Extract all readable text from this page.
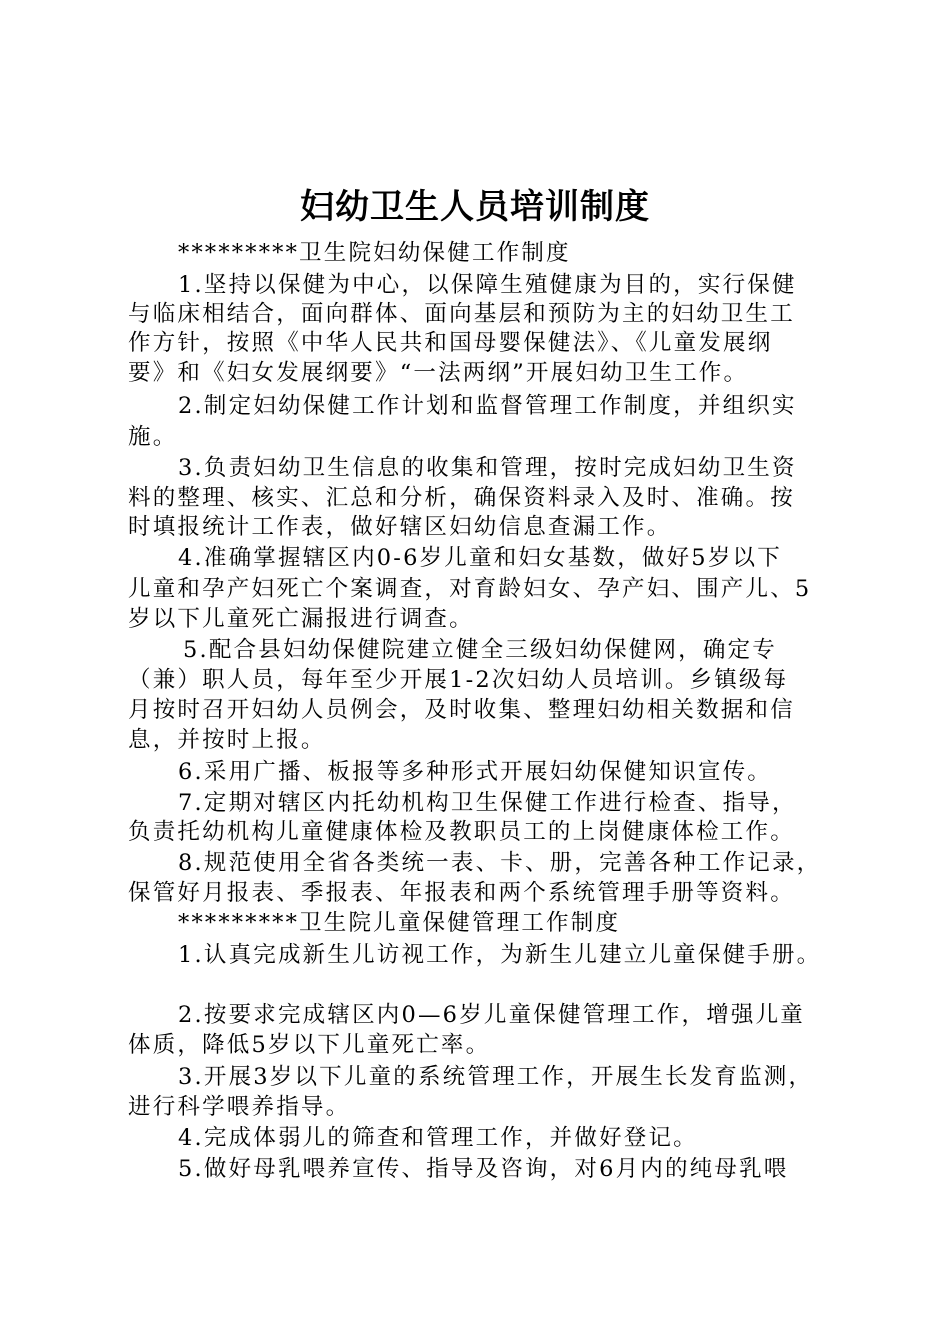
妇幼卫生人员培训制度

*********卫生院妇幼保健工作制度

1.坚持以保健为中心，以保障生殖健康为目的，实行保健

与临床相结合，面向群体、面向基层和预防为主的妇幼卫生工

作方针，按照《中华人民共和国母婴保健法》、《儿童发展纲

要》和《妇女发展纲要》“一法两纲”开展妇幼卫生工作。

2.制定妇幼保健工作计划和监督管理工作制度，并组织实

施。

3.负责妇幼卫生信息的收集和管理，按时完成妇幼卫生资

料的整理、核实、汇总和分析，确保资料录入及时、准确。按

时填报统计工作表，做好辖区妇幼信息查漏工作。

4.准确掌握辖区内0-6岁儿童和妇女基数，做好5岁以下

儿童和孕产妇死亡个案调查，对育龄妇女、孕产妇、围产儿、5

岁以下儿童死亡漏报进行调查。

5.配合县妇幼保健院建立健全三级妇幼保健网，确定专

（兼）职人员，每年至少开展1-2次妇幼人员培训。乡镇级每

月按时召开妇幼人员例会，及时收集、整理妇幼相关数据和信

息，并按时上报。

6.采用广播、板报等多种形式开展妇幼保健知识宣传。

7.定期对辖区内托幼机构卫生保健工作进行检查、指导，

负责托幼机构儿童健康体检及教职员工的上岗健康体检工作。

8.规范使用全省各类统一表、卡、册，完善各种工作记录，

保管好月报表、季报表、年报表和两个系统管理手册等资料。

*********卫生院儿童保健管理工作制度

1.认真完成新生儿访视工作，为新生儿建立儿童保健手册。

2.按要求完成辖区内0—6岁儿童保健管理工作，增强儿童

体质，降低5岁以下儿童死亡率。

3.开展3岁以下儿童的系统管理工作，开展生长发育监测，

进行科学喂养指导。

4.完成体弱儿的筛查和管理工作，并做好登记。

5.做好母乳喂养宣传、指导及咨询，对6月内的纯母乳喂
